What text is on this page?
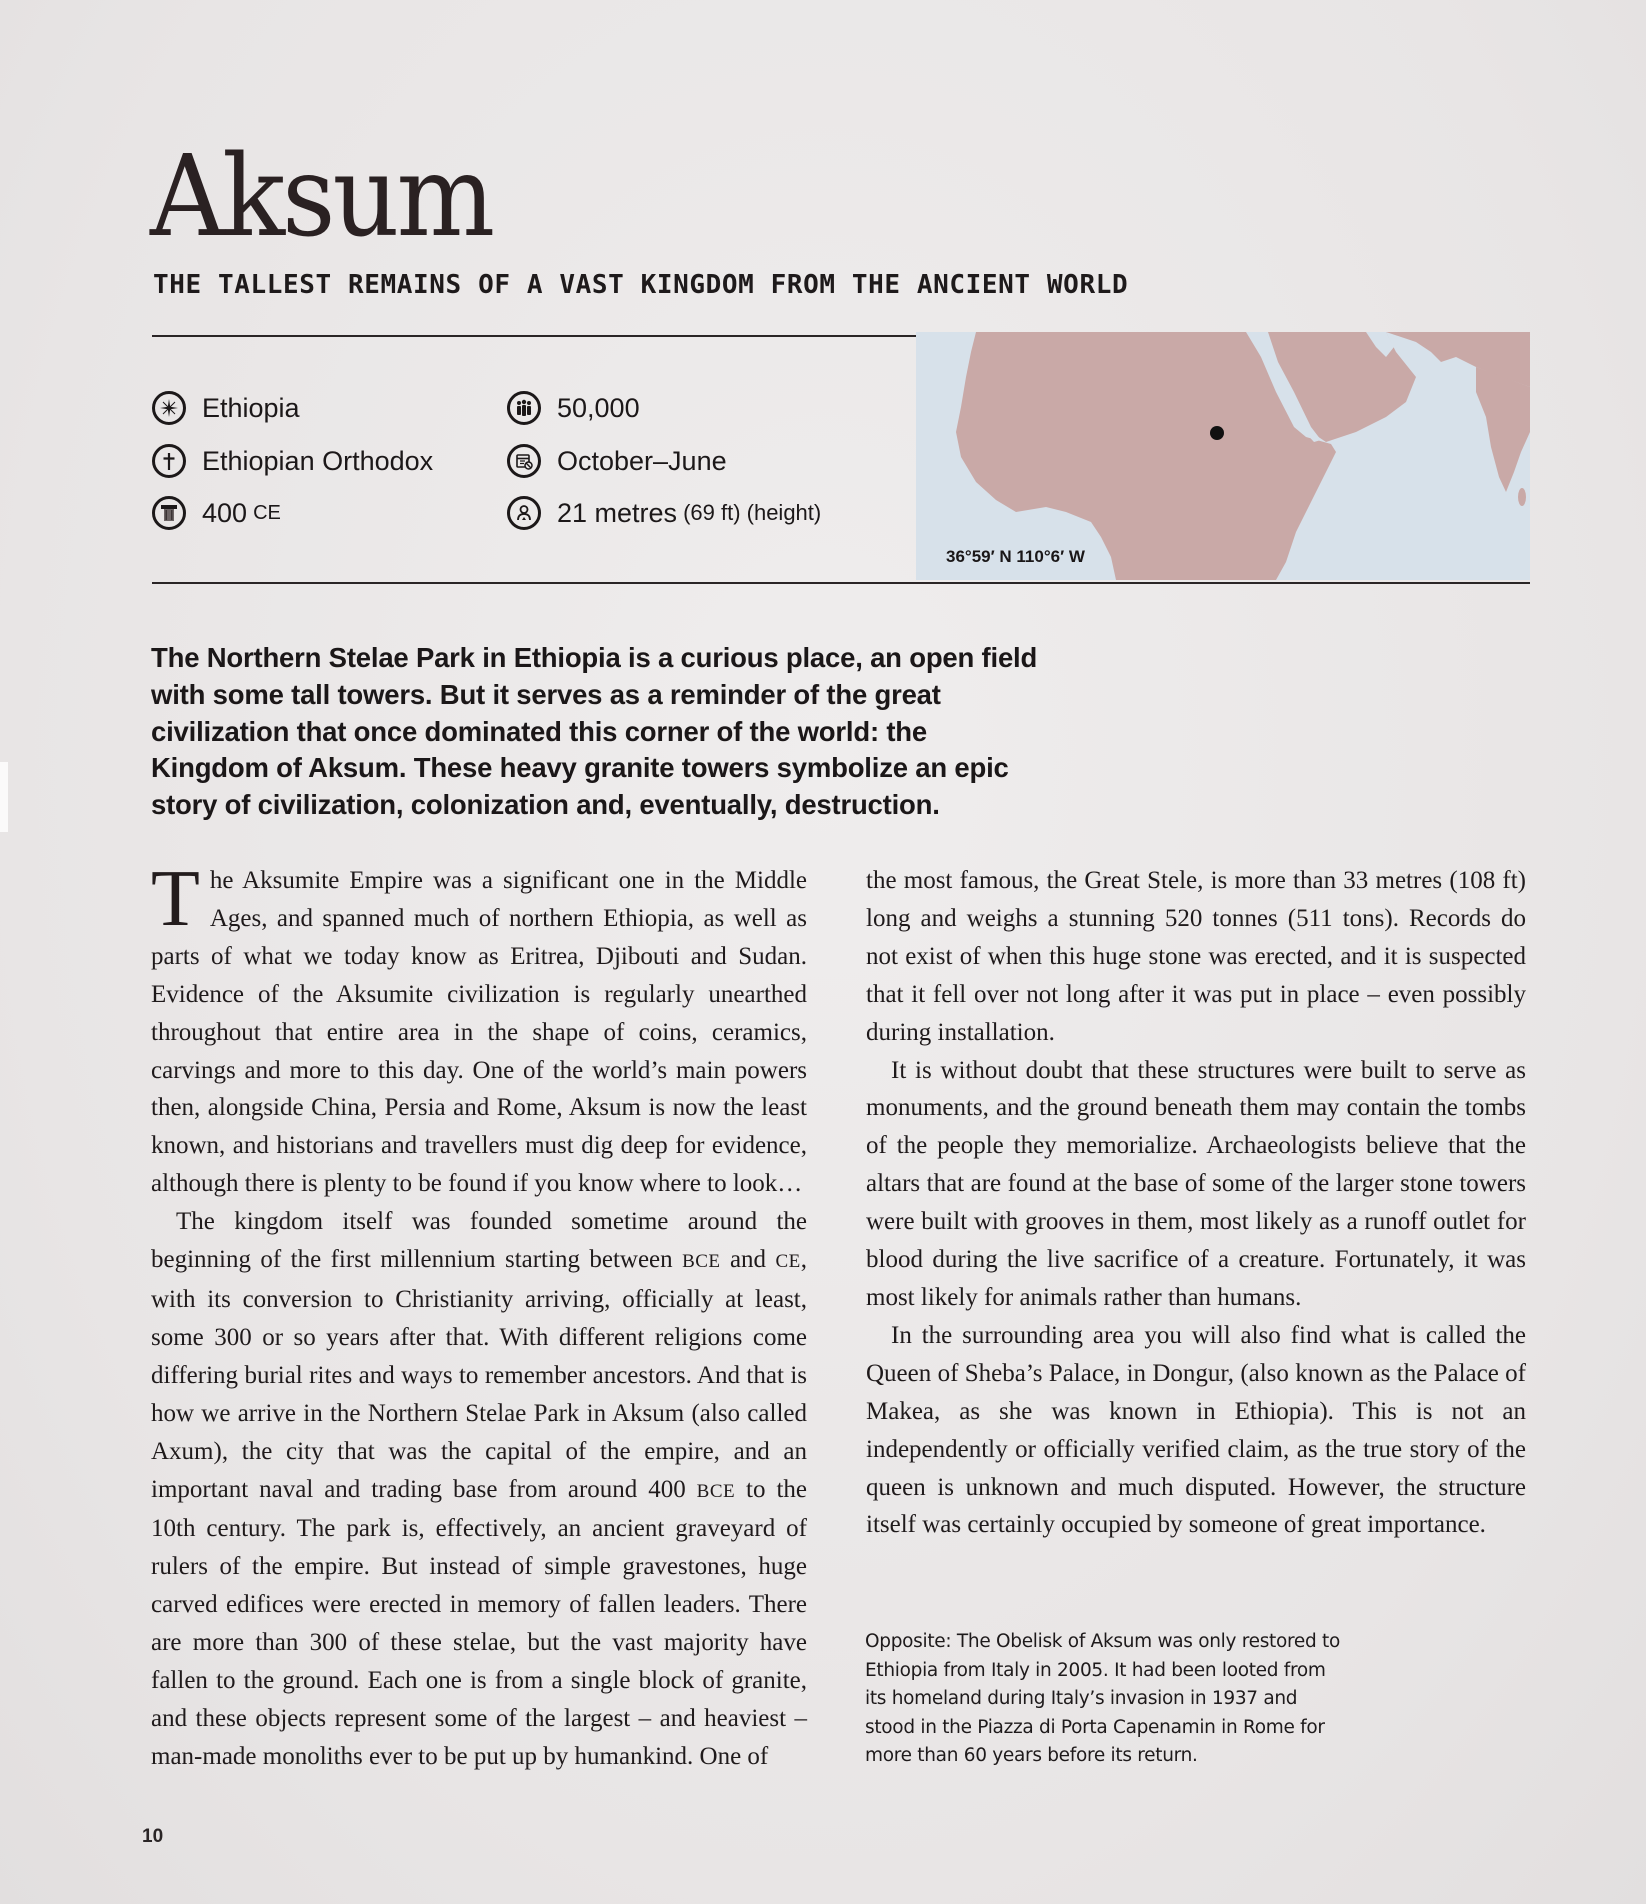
Aksum
THE TALLEST REMAINS OF A VAST KINGDOM FROM THE ANCIENT WORLD
Ethiopia
Ethiopian Orthodox
400 CE
50,000
October–June
21 metres (69 ft) (height)
36°59′ N 110°6′ W

The Northern Stelae Park in Ethiopia is a curious place, an open field with some tall towers. But it serves as a reminder of the great civilization that once dominated this corner of the world: the Kingdom of Aksum. These heavy granite towers symbolize an epic story of civilization, colonization and, eventually, destruction.

The Aksumite Empire was a significant one in the Middle Ages, and spanned much of northern Ethiopia, as well as parts of what we today know as Eritrea, Djibouti and Sudan. Evidence of the Aksumite civilization is regularly unearthed throughout that entire area in the shape of coins, ceramics, carvings and more to this day. One of the world’s main powers then, alongside China, Persia and Rome, Aksum is now the least known, and historians and travellers must dig deep for evidence, although there is plenty to be found if you know where to look…

The kingdom itself was founded sometime around the beginning of the first millennium starting between BCE and CE, with its conversion to Christianity arriving, officially at least, some 300 or so years after that. With different religions come differing burial rites and ways to remember ancestors. And that is how we arrive in the Northern Stelae Park in Aksum (also called Axum), the city that was the capital of the empire, and an important naval and trading base from around 400 BCE to the 10th century. The park is, effectively, an ancient graveyard of rulers of the empire. But instead of simple gravestones, huge carved edifices were erected in memory of fallen leaders. There are more than 300 of these stelae, but the vast majority have fallen to the ground. Each one is from a single block of granite, and these objects represent some of the largest – and heaviest – man-made monoliths ever to be put up by humankind. One of

the most famous, the Great Stele, is more than 33 metres (108 ft) long and weighs a stunning 520 tonnes (511 tons). Records do not exist of when this huge stone was erected, and it is suspected that it fell over not long after it was put in place – even possibly during installation.

It is without doubt that these structures were built to serve as monuments, and the ground beneath them may contain the tombs of the people they memorialize. Archaeologists believe that the altars that are found at the base of some of the larger stone towers were built with grooves in them, most likely as a runoff outlet for blood during the live sacrifice of a creature. Fortunately, it was most likely for animals rather than humans.

In the surrounding area you will also find what is called the Queen of Sheba’s Palace, in Dongur, (also known as the Palace of Makea, as she was known in Ethiopia). This is not an independently or officially verified claim, as the true story of the queen is unknown and much disputed. However, the structure itself was certainly occupied by someone of great importance.

Opposite: The Obelisk of Aksum was only restored to Ethiopia from Italy in 2005. It had been looted from its homeland during Italy’s invasion in 1937 and stood in the Piazza di Porta Capenamin in Rome for more than 60 years before its return.

10
